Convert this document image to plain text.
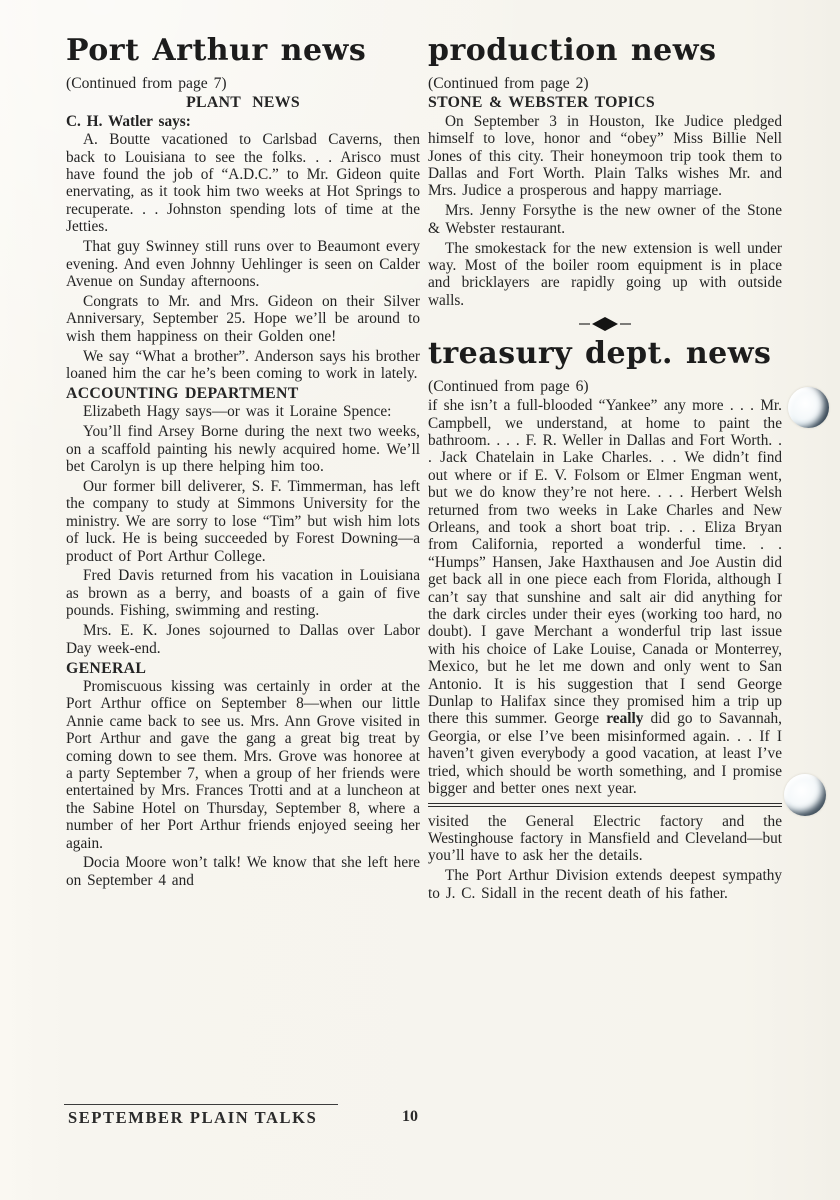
Port Arthur news

(Continued from page 7)

PLANT NEWS

C. H. Watler says:

A. Boutte vacationed to Carlsbad Caverns, then back to Louisiana to see the folks. . . Arisco must have found the job of “A.D.C.” to Mr. Gideon quite enervating, as it took him two weeks at Hot Springs to recuperate. . . Johnston spending lots of time at the Jetties.

That guy Swinney still runs over to Beaumont every evening. And even Johnny Uehlinger is seen on Calder Avenue on Sunday afternoons.

Congrats to Mr. and Mrs. Gideon on their Silver Anniversary, September 25. Hope we’ll be around to wish them happiness on their Golden one!

We say “What a brother”. Anderson says his brother loaned him the car he’s been coming to work in lately.

ACCOUNTING DEPARTMENT

Elizabeth Hagy says—or was it Loraine Spence:

You’ll find Arsey Borne during the next two weeks, on a scaffold painting his newly acquired home. We’ll bet Carolyn is up there helping him too.

Our former bill deliverer, S. F. Timmerman, has left the company to study at Simmons University for the ministry. We are sorry to lose “Tim” but wish him lots of luck. He is being succeeded by Forest Downing—a product of Port Arthur College.

Fred Davis returned from his vacation in Louisiana as brown as a berry, and boasts of a gain of five pounds. Fishing, swimming and resting.

Mrs. E. K. Jones sojourned to Dallas over Labor Day week-end.

GENERAL

Promiscuous kissing was certainly in order at the Port Arthur office on September 8—when our little Annie came back to see us. Mrs. Ann Grove visited in Port Arthur and gave the gang a great big treat by coming down to see them. Mrs. Grove was honoree at a party September 7, when a group of her friends were entertained by Mrs. Frances Trotti and at a luncheon at the Sabine Hotel on Thursday, September 8, where a number of her Port Arthur friends enjoyed seeing her again.

Docia Moore won’t talk! We know that she left here on September 4 and

production news

(Continued from page 2)

STONE & WEBSTER TOPICS

On September 3 in Houston, Ike Judice pledged himself to love, honor and “obey” Miss Billie Nell Jones of this city. Their honeymoon trip took them to Dallas and Fort Worth. Plain Talks wishes Mr. and Mrs. Judice a prosperous and happy marriage.

Mrs. Jenny Forsythe is the new owner of the Stone & Webster restaurant.

The smokestack for the new extension is well under way. Most of the boiler room equipment is in place and bricklayers are rapidly going up with outside walls.

treasury dept. news

(Continued from page 6)

if she isn’t a full-blooded “Yankee” any more . . . Mr. Campbell, we understand, at home to paint the bathroom. . . . F. R. Weller in Dallas and Fort Worth. . . Jack Chatelain in Lake Charles. . . We didn’t find out where or if E. V. Folsom or Elmer Engman went, but we do know they’re not here. . . . Herbert Welsh returned from two weeks in Lake Charles and New Orleans, and took a short boat trip. . . Eliza Bryan from California, reported a wonderful time. . . “Humps” Hansen, Jake Haxthausen and Joe Austin did get back all in one piece each from Florida, although I can’t say that sunshine and salt air did anything for the dark circles under their eyes (working too hard, no doubt). I gave Merchant a wonderful trip last issue with his choice of Lake Louise, Canada or Monterrey, Mexico, but he let me down and only went to San Antonio. It is his suggestion that I send George Dunlap to Halifax since they promised him a trip up there this summer. George really did go to Savannah, Georgia, or else I’ve been misinformed again. . . If I haven’t given everybody a good vacation, at least I’ve tried, which should be worth something, and I promise bigger and better ones next year.

visited the General Electric factory and the Westinghouse factory in Mansfield and Cleveland—but you’ll have to ask her the details.

The Port Arthur Division extends deepest sympathy to J. C. Sidall in the recent death of his father.

SEPTEMBER PLAIN TALKS	10
